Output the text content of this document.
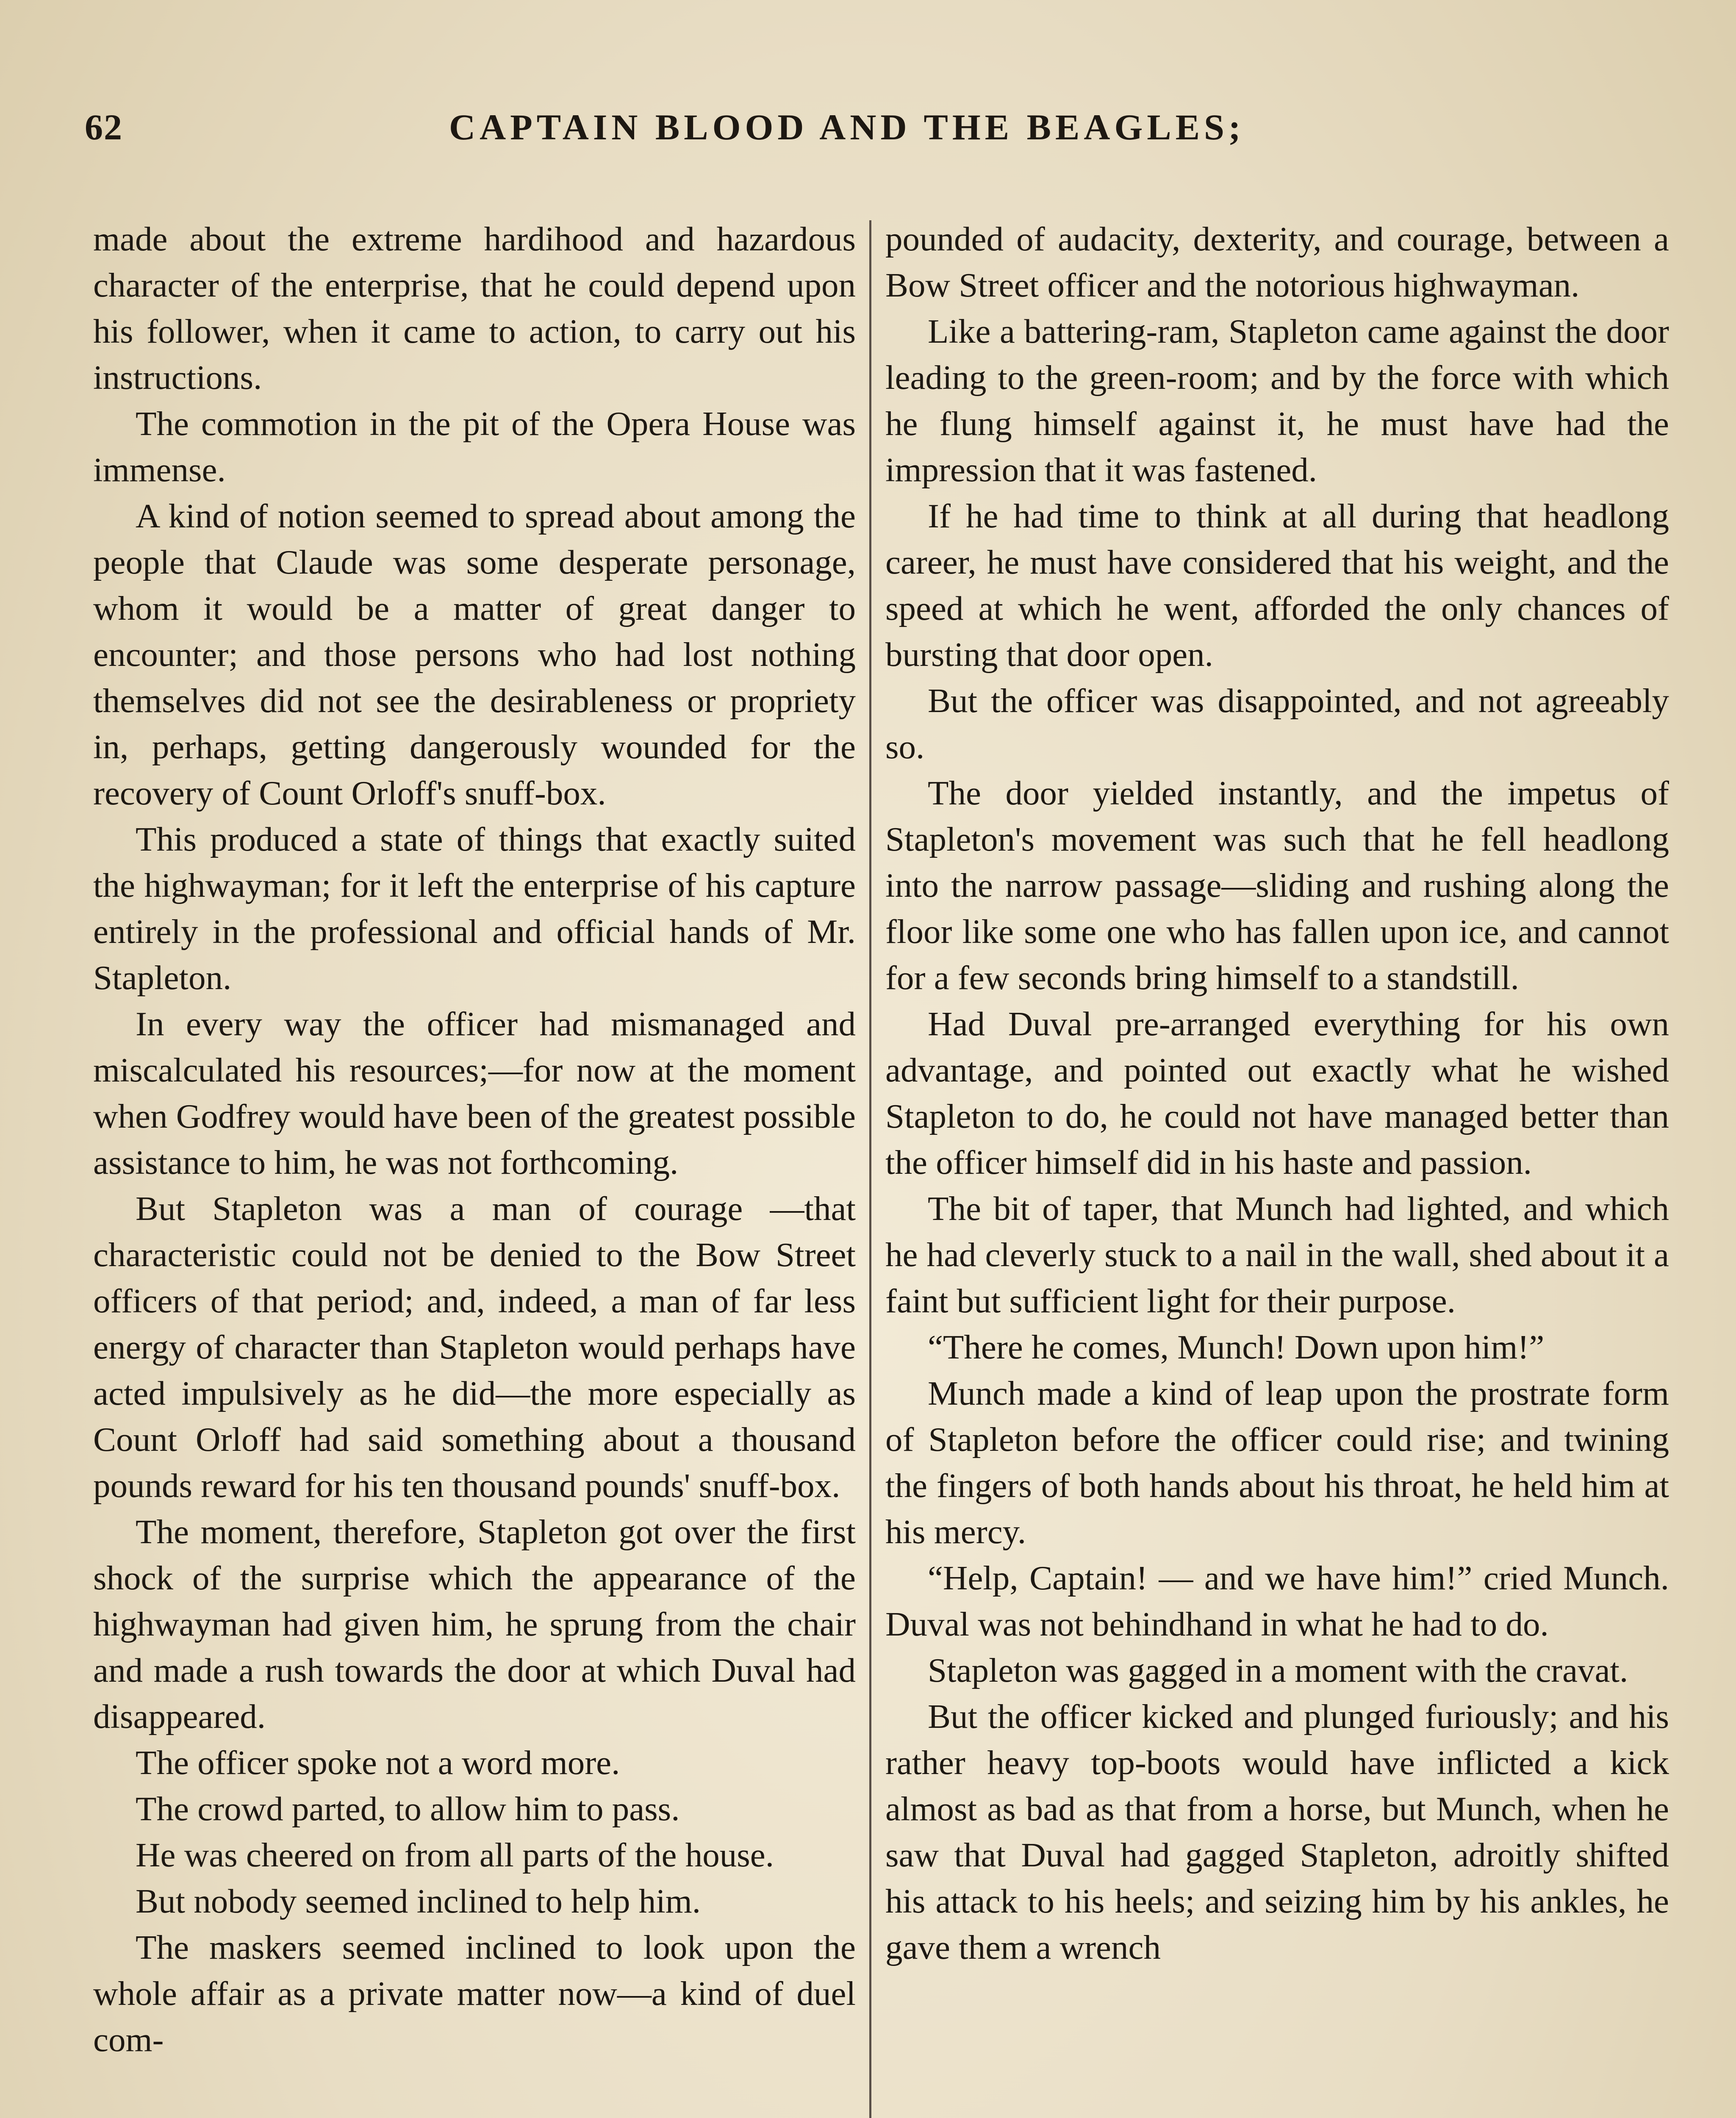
62	CAPTAIN BLOOD AND THE BEAGLES;

made about the extreme hardihood and hazardous character of the enterprise, that he could depend upon his follower, when it came to action, to carry out his instructions.

The commotion in the pit of the Opera House was immense.

A kind of notion seemed to spread about among the people that Claude was some desperate personage, whom it would be a matter of great danger to encounter; and those persons who had lost nothing themselves did not see the desirableness or propriety in, perhaps, getting dangerously wounded for the recovery of Count Orloff's snuff-box.

This produced a state of things that exactly suited the highwayman; for it left the enterprise of his capture entirely in the professional and official hands of Mr. Stapleton.

In every way the officer had mismanaged and miscalculated his resources;—for now at the moment when Godfrey would have been of the greatest possible assistance to him, he was not forthcoming.

But Stapleton was a man of courage —that characteristic could not be denied to the Bow Street officers of that period; and, indeed, a man of far less energy of character than Stapleton would perhaps have acted impulsively as he did—the more especially as Count Orloff had said something about a thousand pounds reward for his ten thousand pounds' snuff-box.

The moment, therefore, Stapleton got over the first shock of the surprise which the appearance of the highwayman had given him, he sprung from the chair and made a rush towards the door at which Duval had disappeared.

The officer spoke not a word more.

The crowd parted, to allow him to pass.

He was cheered on from all parts of the house.

But nobody seemed inclined to help him.

The maskers seemed inclined to look upon the whole affair as a private matter now—a kind of duel com-

pounded of audacity, dexterity, and courage, between a Bow Street officer and the notorious highwayman.

Like a battering-ram, Stapleton came against the door leading to the green-room; and by the force with which he flung himself against it, he must have had the impression that it was fastened.

If he had time to think at all during that headlong career, he must have considered that his weight, and the speed at which he went, afforded the only chances of bursting that door open.

But the officer was disappointed, and not agreeably so.

The door yielded instantly, and the impetus of Stapleton's movement was such that he fell headlong into the narrow passage—sliding and rushing along the floor like some one who has fallen upon ice, and cannot for a few seconds bring himself to a standstill.

Had Duval pre-arranged everything for his own advantage, and pointed out exactly what he wished Stapleton to do, he could not have managed better than the officer himself did in his haste and passion.

The bit of taper, that Munch had lighted, and which he had cleverly stuck to a nail in the wall, shed about it a faint but sufficient light for their purpose.

“There he comes, Munch! Down upon him!”

Munch made a kind of leap upon the prostrate form of Stapleton before the officer could rise; and twining the fingers of both hands about his throat, he held him at his mercy.

“Help, Captain! — and we have him!” cried Munch. Duval was not behindhand in what he had to do.

Stapleton was gagged in a moment with the cravat.

But the officer kicked and plunged furiously; and his rather heavy top-boots would have inflicted a kick almost as bad as that from a horse, but Munch, when he saw that Duval had gagged Stapleton, adroitly shifted his attack to his heels; and seizing him by his ankles, he gave them a wrench
